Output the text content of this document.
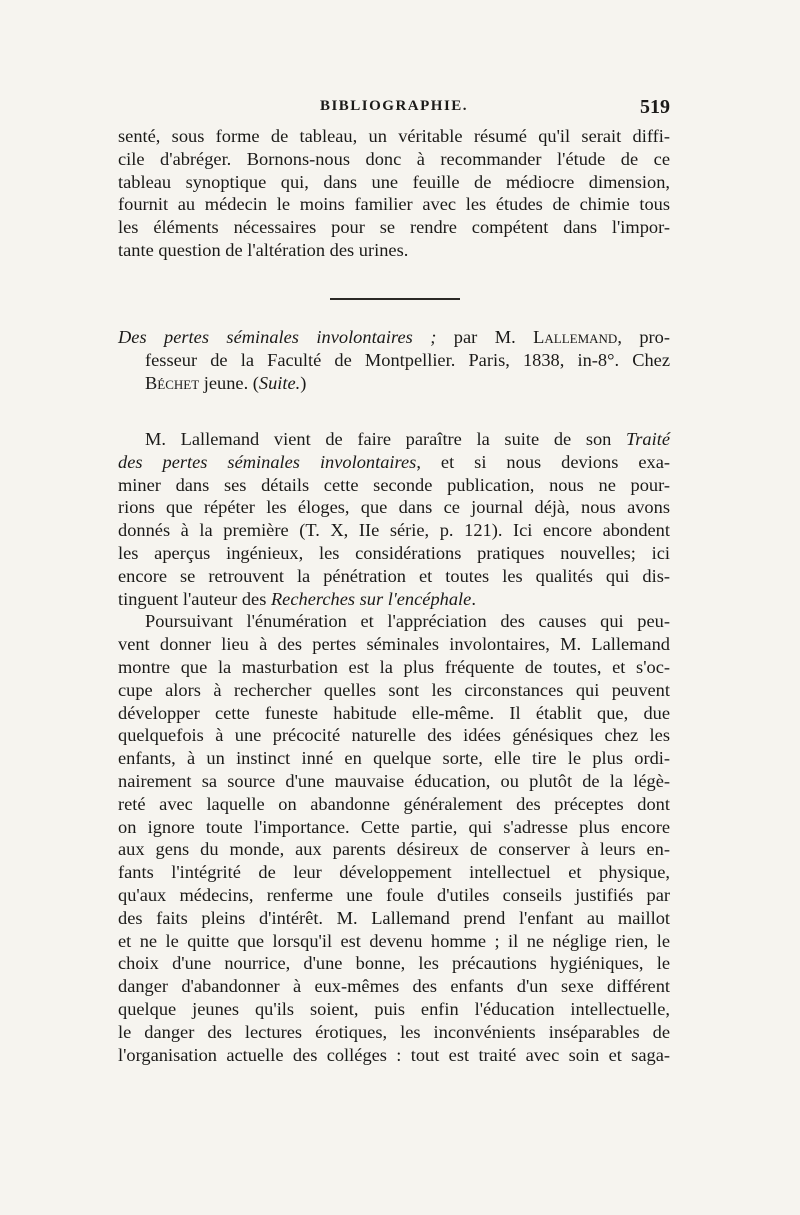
BIBLIOGRAPHIE.	519
senté, sous forme de tableau, un véritable résumé qu'il serait diffi-
cile d'abréger. Bornons-nous donc à recommander l'étude de ce
tableau synoptique qui, dans une feuille de médiocre dimension,
fournit au médecin le moins familier avec les études de chimie tous
les éléments nécessaires pour se rendre compétent dans l'impor-
tante question de l'altération des urines.
Des pertes séminales involontaires ; par M. Lallemand, pro-
fesseur de la Faculté de Montpellier. Paris, 1838, in-8°. Chez
Béchet jeune. (Suite.)
M. Lallemand vient de faire paraître la suite de son Traité
des pertes séminales involontaires, et si nous devions exa-
miner dans ses détails cette seconde publication, nous ne pour-
rions que répéter les éloges, que dans ce journal déjà, nous avons
donnés à la première (T. X, IIe série, p. 121). Ici encore abondent
les aperçus ingénieux, les considérations pratiques nouvelles; ici
encore se retrouvent la pénétration et toutes les qualités qui dis-
tinguent l'auteur des Recherches sur l'encéphale.
Poursuivant l'énumération et l'appréciation des causes qui peu-
vent donner lieu à des pertes séminales involontaires, M. Lallemand
montre que la masturbation est la plus fréquente de toutes, et s'oc-
cupe alors à rechercher quelles sont les circonstances qui peuvent
développer cette funeste habitude elle-même. Il établit que, due
quelquefois à une précocité naturelle des idées génésiques chez les
enfants, à un instinct inné en quelque sorte, elle tire le plus ordi-
nairement sa source d'une mauvaise éducation, ou plutôt de la légè-
reté avec laquelle on abandonne généralement des préceptes dont
on ignore toute l'importance. Cette partie, qui s'adresse plus encore
aux gens du monde, aux parents désireux de conserver à leurs en-
fants l'intégrité de leur développement intellectuel et physique,
qu'aux médecins, renferme une foule d'utiles conseils justifiés par
des faits pleins d'intérêt. M. Lallemand prend l'enfant au maillot
et ne le quitte que lorsqu'il est devenu homme ; il ne néglige rien, le
choix d'une nourrice, d'une bonne, les précautions hygiéniques, le
danger d'abandonner à eux-mêmes des enfants d'un sexe différent
quelque jeunes qu'ils soient, puis enfin l'éducation intellectuelle,
le danger des lectures érotiques, les inconvénients inséparables de
l'organisation actuelle des colléges : tout est traité avec soin et saga-
